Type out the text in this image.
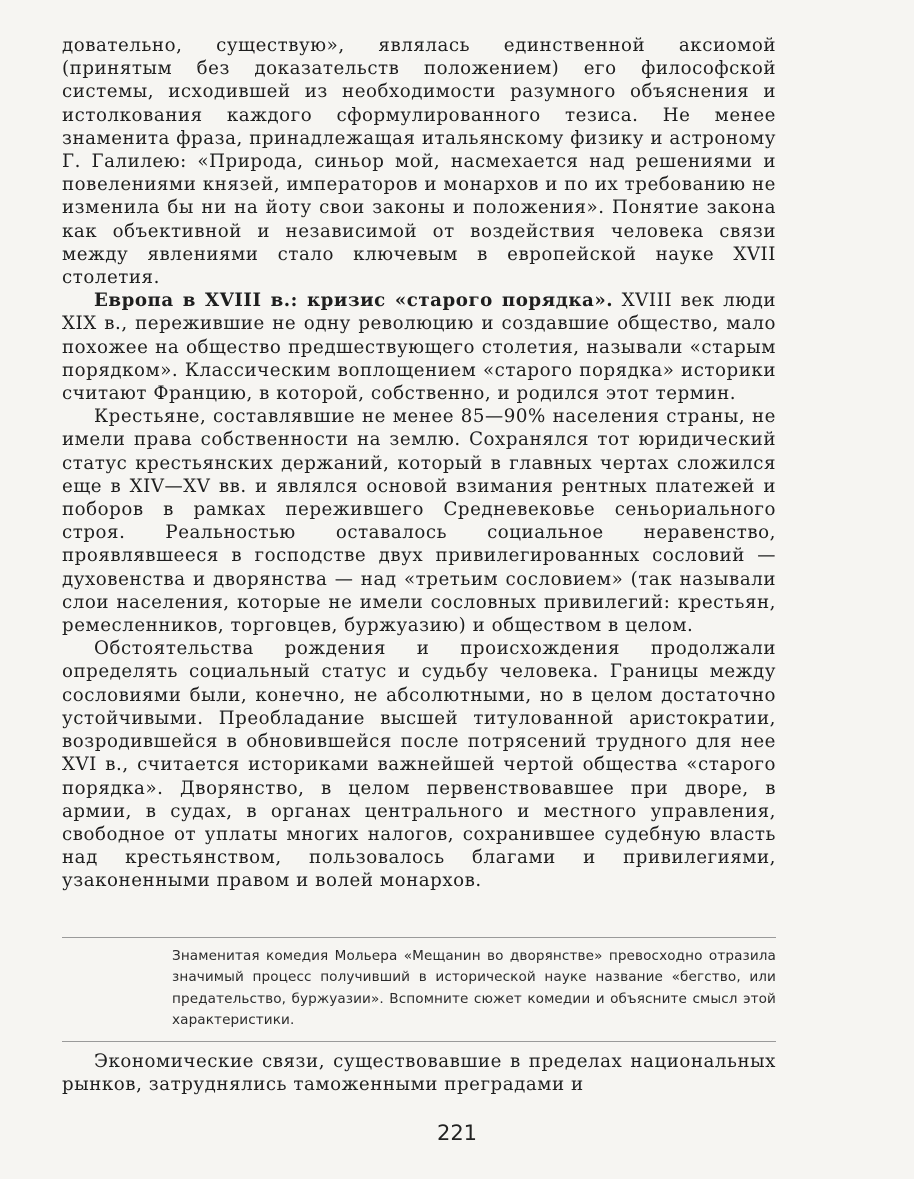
доватeльно, существую», являлась единственной аксиомой (принятым без доказательств положением) его философской системы, исходившей из необходимости разумного объяснения и истолкования каждого сформулированного тезиса. Не менее знаменита фраза, принадлежащая итальянскому физику и астроному Г. Галилею: «Природа, синьор мой, насмехается над решениями и повелениями князей, императоров и монархов и по их требованию не изменила бы ни на йоту свои законы и положения». Понятие закона как объективной и независимой от воздействия человека связи между явлениями стало ключевым в европейской науке XVII столетия.

Европа в XVIII в.: кризис «старого порядка». XVIII век люди XIX в., пережившие не одну революцию и создавшие общество, мало похожее на общество предшествующего столетия, называли «старым порядком». Классическим воплощением «старого порядка» историки считают Францию, в которой, собственно, и родился этот термин.

Крестьяне, составлявшие не менее 85—90% населения страны, не имели права собственности на землю. Сохранялся тот юридический статус крестьянских держаний, который в главных чертах сложился еще в XIV—XV вв. и являлся основой взимания рентных платежей и поборов в рамках пережившего Средневековье сеньориального строя. Реальностью оставалось социальное неравенство, проявлявшееся в господстве двух привилегированных сословий — духовенства и дворянства — над «третьим сословием» (так называли слои населения, которые не имели сословных привилегий: крестьян, ремесленников, торговцев, буржуазию) и обществом в целом.

Обстоятельства рождения и происхождения продолжали определять социальный статус и судьбу человека. Границы между сословиями были, конечно, не абсолютными, но в целом достаточно устойчивыми. Преобладание высшей титулованной аристократии, возродившейся в обновившейся после потрясений трудного для нее XVI в., считается историками важнейшей чертой общества «старого порядка». Дворянство, в целом первенствовавшее при дворе, в армии, в судах, в органах центрального и местного управления, свободное от уплаты многих налогов, сохранившее судебную власть над крестьянством, пользовалось благами и привилегиями, узаконенными правом и волей монархов.

Знаменитая комедия Мольера «Мещанин во дворянстве» превосходно отразила значимый процесс получивший в исторической науке название «бегство, или предательство, буржуазии». Вспомните сюжет комедии и объясните смысл этой характеристики.

Экономические связи, существовавшие в пределах национальных рынков, затруднялись таможенными преградами и

221
